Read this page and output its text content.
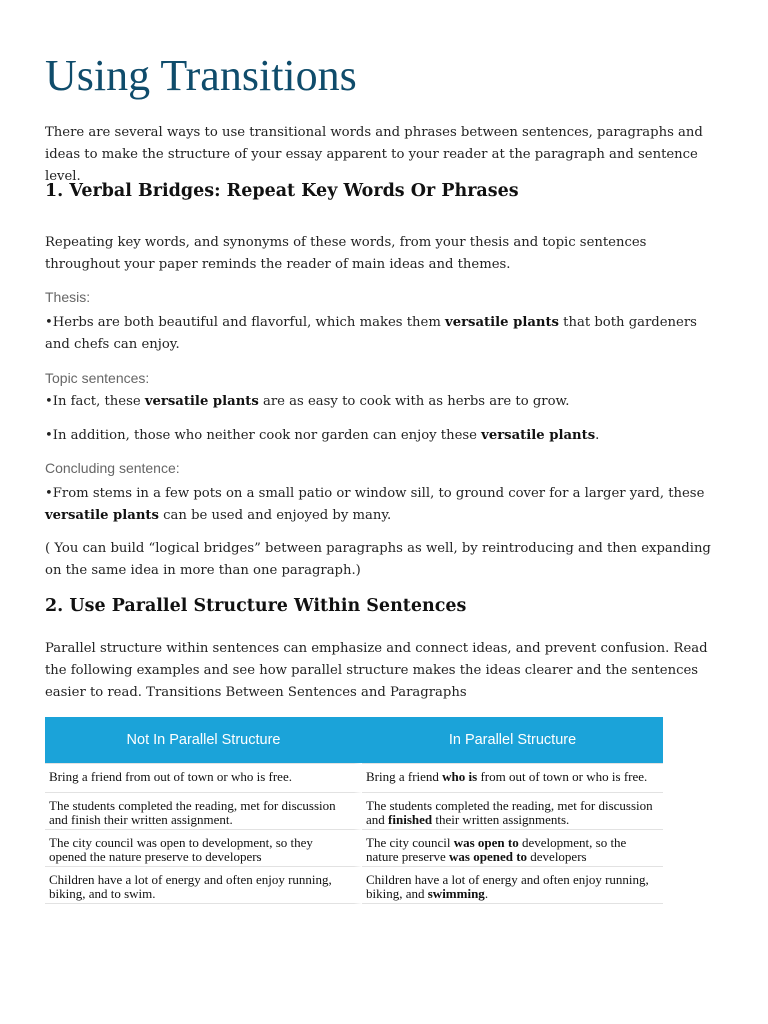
Using Transitions

There are several ways to use transitional words and phrases between sentences, paragraphs and ideas to make the structure of your essay apparent to your reader at the paragraph and sentence level.

1. Verbal Bridges: Repeat Key Words Or Phrases

Repeating key words, and synonyms of these words, from your thesis and topic sentences throughout your paper reminds the reader of main ideas and themes.

Thesis:

•Herbs are both beautiful and flavorful, which makes them versatile plants that both gardeners and chefs can enjoy.

Topic sentences:

•In fact, these versatile plants are as easy to cook with as herbs are to grow.

•In addition, those who neither cook nor garden can enjoy these versatile plants.

Concluding sentence:

•From stems in a few pots on a small patio or window sill, to ground cover for a larger yard, these versatile plants can be used and enjoyed by many.

( You can build “logical bridges” between paragraphs as well, by reintroducing and then expanding on the same idea in more than one paragraph.)

2. Use Parallel Structure Within Sentences

Parallel structure within sentences can emphasize and connect ideas, and prevent confusion. Read the following examples and see how parallel structure makes the ideas clearer and the sentences easier to read. Transitions Between Sentences and Paragraphs

Not In Parallel Structure	In Parallel Structure
Bring a friend from out of town or who is free.	Bring a friend who is from out of town or who is free.
The students completed the reading, met for discussion and finish their written assignment.	The students completed the reading, met for discussion and finished their written assignments.
The city council was open to development, so they opened the nature preserve to developers	The city council was open to development, so the nature preserve was opened to developers
Children have a lot of energy and often enjoy running, biking, and to swim.	Children have a lot of energy and often enjoy running, biking, and swimming.
